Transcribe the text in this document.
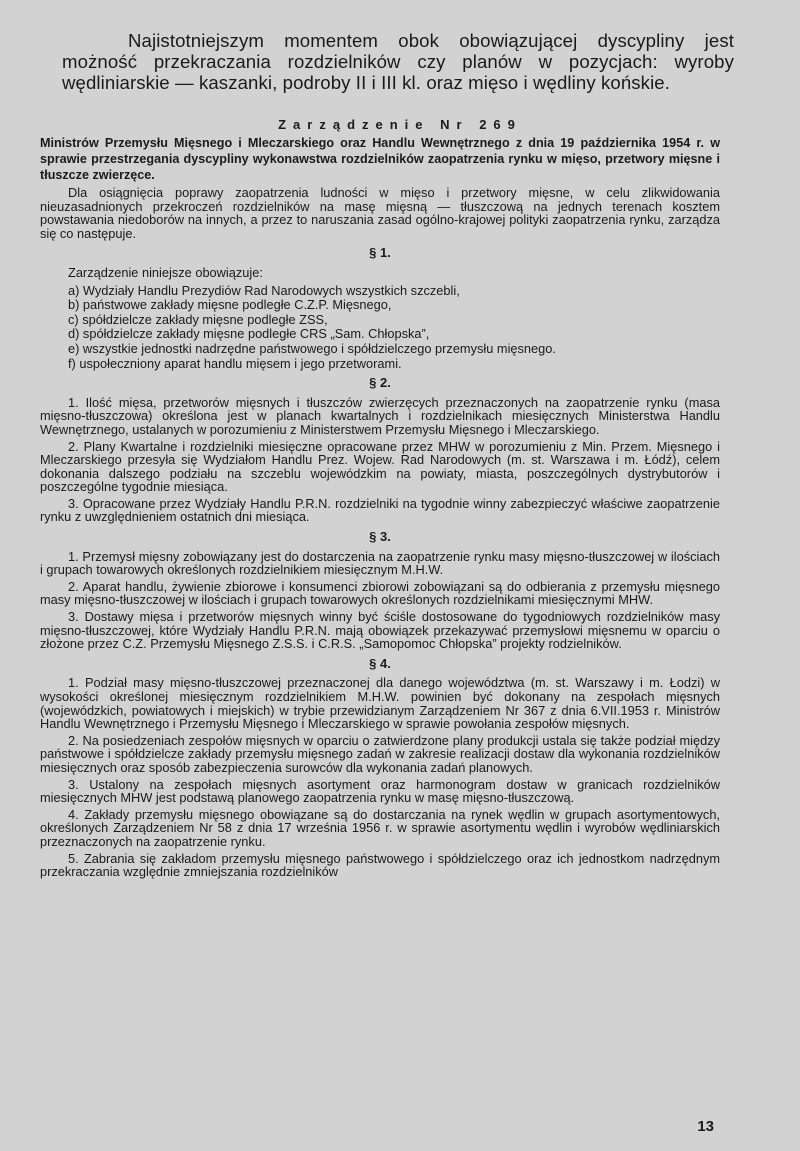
Najistotniejszym momentem obok obowiązującej dyscypliny jest możność przekraczania rozdzielników czy planów w pozycjach: wyroby wędliniarskie — kaszanki, podroby II i III kl. oraz mięso i wędliny końskie.
Zarządzenie Nr 269
Ministrów Przemysłu Mięsnego i Mleczarskiego oraz Handlu Wewnętrznego z dnia 19 października 1954 r. w sprawie przestrzegania dyscypliny wykonawstwa rozdzielników zaopatrzenia rynku w mięso, przetwory mięsne i tłuszcze zwierzęce.

Dla osiągnięcia poprawy zaopatrzenia ludności w mięso i przetwory mięsne, w celu zlikwidowania nieuzasadnionych przekroczeń rozdzielników na masę mięsną — tłuszczową na jednych terenach kosztem powstawania niedoborów na innych, a przez to naruszania zasad ogólno-krajowej polityki zaopatrzenia rynku, zarządza się co następuje.

§ 1.
Zarządzenie niniejsze obowiązuje:
a) Wydziały Handlu Prezydiów Rad Narodowych wszystkich szczebli,
b) państwowe zakłady mięsne podległe C.Z.P. Mięsnego,
c) spółdzielcze zakłady mięsne podległe ZSS,
d) spółdzielcze zakłady mięsne podległe CRS „Sam. Chłopska”,
e) wszystkie jednostki nadrzędne państwowego i spółdzielczego przemysłu mięsnego.
f) uspołeczniony aparat handlu mięsem i jego przetworami.
§ 2.

1. Ilość mięsa, przetworów mięsnych i tłuszczów zwierzęcych przeznaczonych na zaopatrzenie rynku (masa mięsno-tłuszczowa) określona jest w planach kwartalnych i rozdzielnikach miesięcznych Ministerstwa Handlu Wewnętrznego, ustalanych w porozumieniu z Ministerstwem Przemysłu Mięsnego i Mleczarskiego.

2. Plany Kwartalne i rozdzielniki miesięczne opracowane przez MHW w porozumieniu z Min. Przem. Mięsnego i Mleczarskiego przesyła się Wydziałom Handlu Prez. Wojew. Rad Narodowych (m. st. Warszawa i m. Łódź), celem dokonania dalszego podziału na szczeblu wojewódzkim na powiaty, miasta, poszczególnych dystrybutorów i poszczególne tygodnie miesiąca.

3. Opracowane przez Wydziały Handlu P.R.N. rozdzielniki na tygodnie winny zabezpieczyć właściwe zaopatrzenie rynku z uwzględnieniem ostatnich dni miesiąca.

§ 3.

1. Przemysł mięsny zobowiązany jest do dostarczenia na zaopatrzenie rynku masy mięsno-tłuszczowej w ilościach i grupach towarowych określonych rozdzielnikiem miesięcznym M.H.W.

2. Aparat handlu, żywienie zbiorowe i konsumenci zbiorowi zobowiązani są do odbierania z przemysłu mięsnego masy mięsno-tłuszczowej w ilościach i grupach towarowych określonych rozdzielnikami miesięcznymi MHW.

3. Dostawy mięsa i przetworów mięsnych winny być ściśle dostosowane do tygodniowych rozdzielników masy mięsno-tłuszczowej, które Wydziały Handlu P.R.N. mają obowiązek przekazywać przemysłowi mięsnemu w oparciu o złożone przez C.Z. Przemysłu Mięsnego Z.S.S. i C.R.S. „Samopomoc Chłopska” projekty rodzielników.

§ 4.

1. Podział masy mięsno-tłuszczowej przeznaczonej dla danego województwa (m. st. Warszawy i m. Łodzi) w wysokości określonej miesięcznym rozdzielnikiem M.H.W. powinien być dokonany na zespołach mięsnych (wojewódzkich, powiatowych i miejskich) w trybie przewidzianym Zarządzeniem Nr 367 z dnia 6.VII.1953 r. Ministrów Handlu Wewnętrznego i Przemysłu Mięsnego i Mleczarskiego w sprawie powołania zespołów mięsnych.

2. Na posiedzeniach zespołów mięsnych w oparciu o zatwierdzone plany produkcji ustala się także podział między państwowe i spółdzielcze zakłady przemysłu mięsnego zadań w zakresie realizacji dostaw dla wykonania rozdzielników miesięcznych oraz sposób zabezpieczenia surowców dla wykonania zadań planowych.

3. Ustalony na zespołach mięsnych asortyment oraz harmonogram dostaw w granicach rozdzielników miesięcznych MHW jest podstawą planowego zaopatrzenia rynku w masę mięsno-tłuszczową.

4. Zakłady przemysłu mięsnego obowiązane są do dostarczania na rynek wędlin w grupach asortymentowych, określonych Zarządzeniem Nr 58 z dnia 17 września 1956 r. w sprawie asortymentu wędlin i wyrobów wędliniarskich przeznaczonych na zaopatrzenie rynku.

5. Zabrania się zakładom przemysłu mięsnego państwowego i spółdzielczego oraz ich jednostkom nadrzędnym przekraczania względnie zmniejszania rozdzielników

13
